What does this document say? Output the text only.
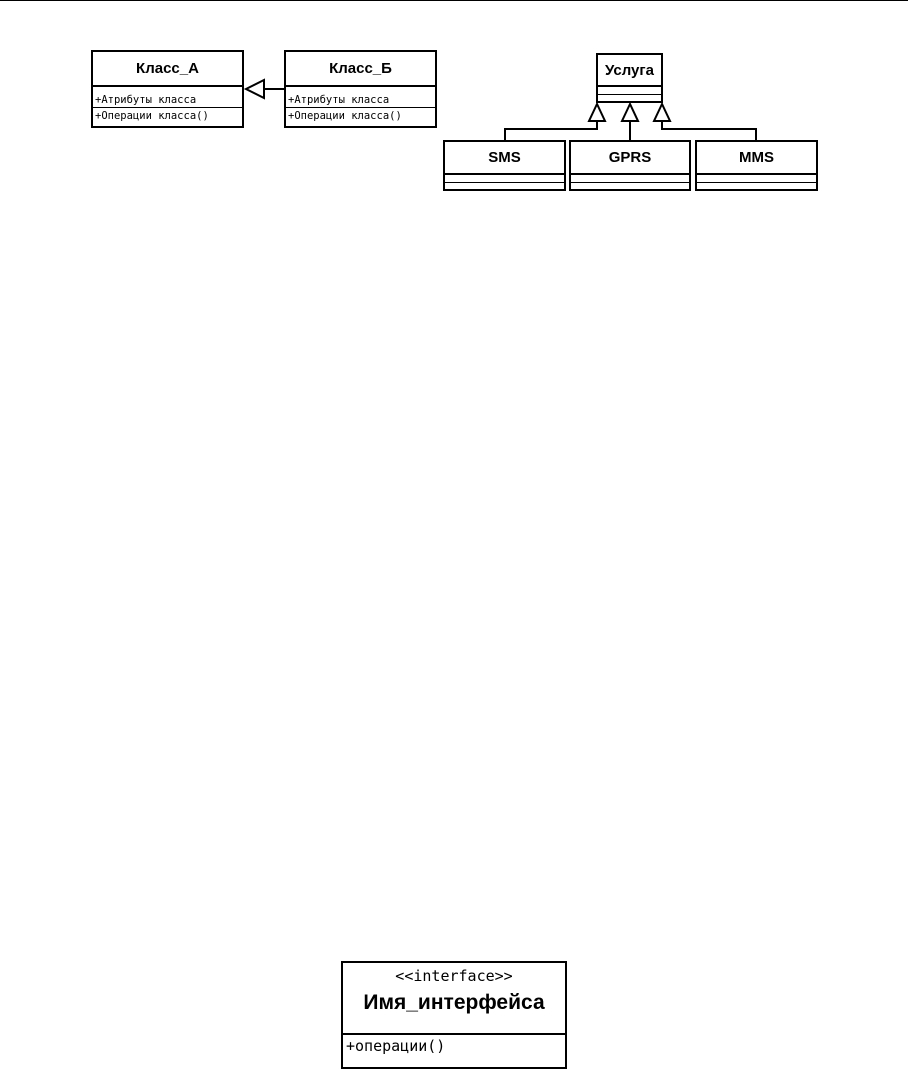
Класс_А
+Атрибуты класса
+Операции класса()
Класс_Б
+Атрибуты класса
+Операции класса()
Услуга
SMS	GPRS	MMS
<<interface>>
Имя_интерфейса
+операции()
